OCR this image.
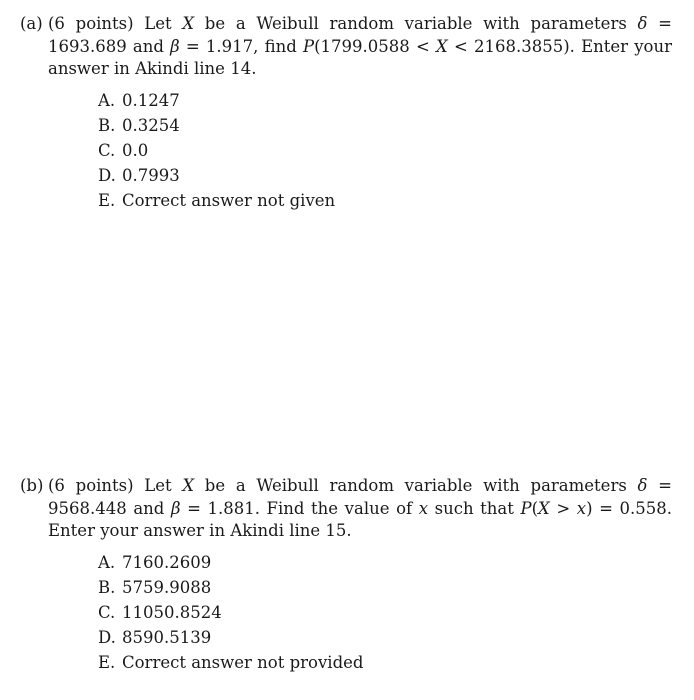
(a) (6 points) Let X be a Weibull random variable with parameters δ = 1693.689 and β = 1.917, find P(1799.0588 < X < 2168.3855). Enter your answer in Akindi line 14.
A. 0.1247
B. 0.3254
C. 0.0
D. 0.7993
E. Correct answer not given
(b) (6 points) Let X be a Weibull random variable with parameters δ = 9568.448 and β = 1.881. Find the value of x such that P(X > x) = 0.558. Enter your answer in Akindi line 15.
A. 7160.2609
B. 5759.9088
C. 11050.8524
D. 8590.5139
E. Correct answer not provided
